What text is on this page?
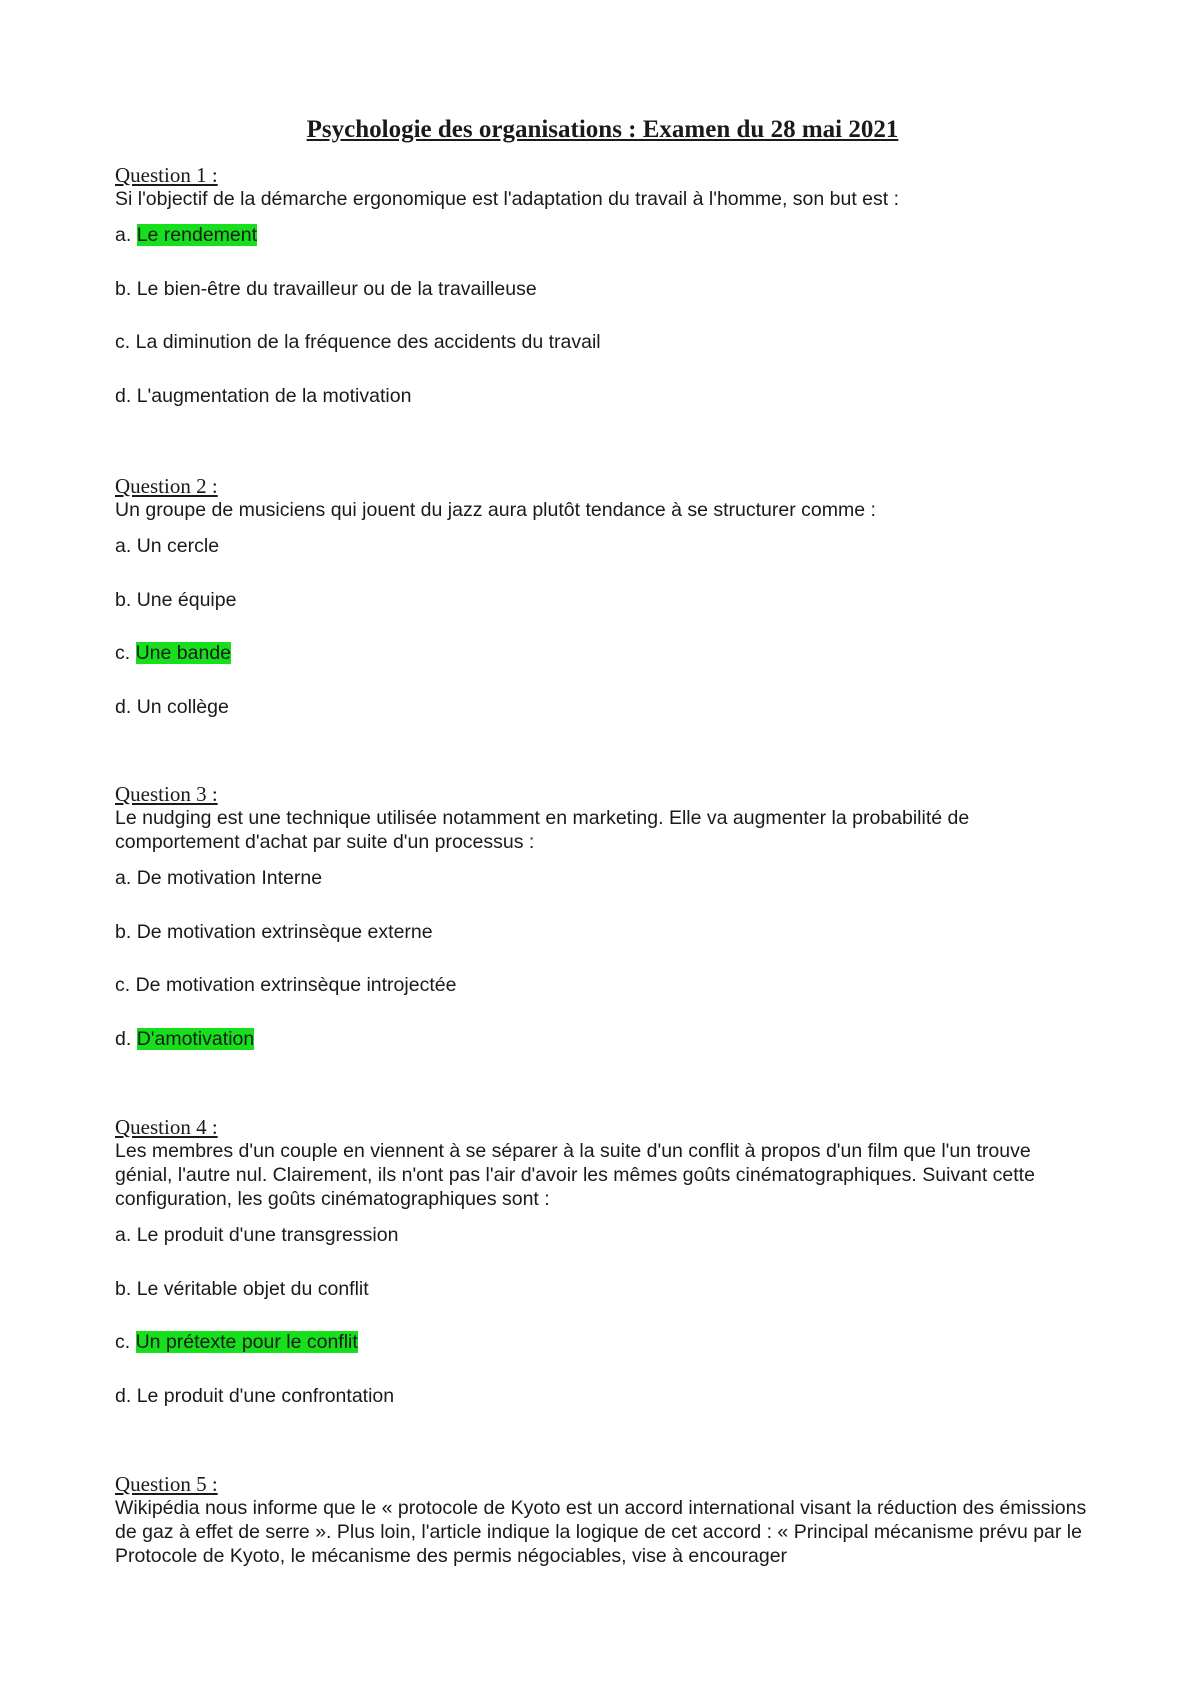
Psychologie des organisations : Examen du 28 mai 2021
Question 1 :

Si l'objectif de la démarche ergonomique est l'adaptation du travail à l'homme, son but est :

a. Le rendement
b. Le bien-être du travailleur ou de la travailleuse
c. La diminution de la fréquence des accidents du travail
d. L'augmentation de la motivation
Question 2 :

Un groupe de musiciens qui jouent du jazz aura plutôt tendance à se structurer comme :

a. Un cercle
b. Une équipe
c. Une bande
d. Un collège
Question 3 :

Le nudging est une technique utilisée notamment en marketing. Elle va augmenter la probabilité de comportement d'achat par suite d'un processus :

a. De motivation Interne
b. De motivation extrinsèque externe
c. De motivation extrinsèque introjectée
d. D'amotivation
Question 4 :

Les membres d'un couple en viennent à se séparer à la suite d'un conflit à propos d'un film que l'un trouve génial, l'autre nul. Clairement, ils n'ont pas l'air d'avoir les mêmes goûts cinématographiques. Suivant cette configuration, les goûts cinématographiques sont :

a. Le produit d'une transgression
b. Le véritable objet du conflit
c. Un prétexte pour le conflit
d. Le produit d'une confrontation
Question 5 :

Wikipédia nous informe que le « protocole de Kyoto est un accord international visant la réduction des émissions de gaz à effet de serre ». Plus loin, l'article indique la logique de cet accord : « Principal mécanisme prévu par le Protocole de Kyoto, le mécanisme des permis négociables, vise à encourager
